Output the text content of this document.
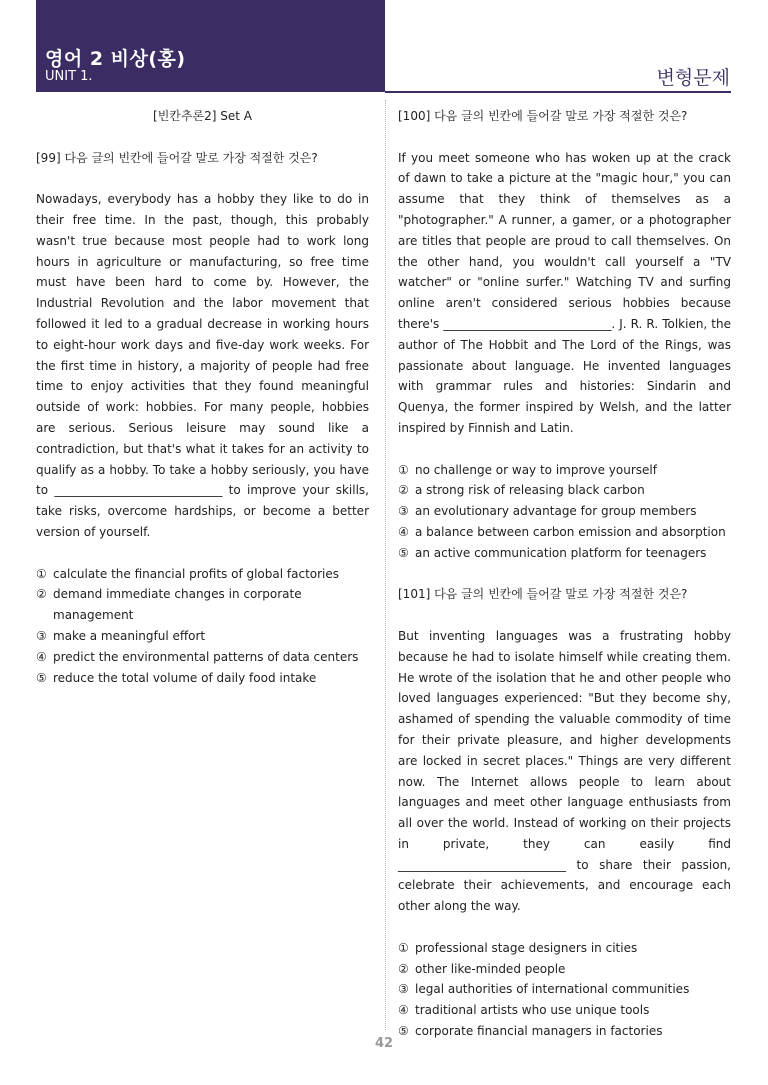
영어 2 비상(홍)
UNIT 1.	변형문제

[빈칸추론2] Set A

[99] 다음 글의 빈칸에 들어갈 말로 가장 적절한 것은?

Nowadays, everybody has a hobby they like to do in their free time. In the past, though, this probably wasn't true because most people had to work long hours in agriculture or manufacturing, so free time must have been hard to come by. However, the Industrial Revolution and the labor movement that followed it led to a gradual decrease in working hours to eight-hour work days and five-day work weeks. For the first time in history, a majority of people had free time to enjoy activities that they found meaningful outside of work: hobbies. For many people, hobbies are serious. Serious leisure may sound like a contradiction, but that's what it takes for an activity to qualify as a hobby. To take a hobby seriously, you have to ____________________________ to improve your skills, take risks, overcome hardships, or become a better version of yourself.

① calculate the financial profits of global factories
② demand immediate changes in corporate management
③ make a meaningful effort
④ predict the environmental patterns of data centers
⑤ reduce the total volume of daily food intake

[100] 다음 글의 빈칸에 들어갈 말로 가장 적절한 것은?

If you meet someone who has woken up at the crack of dawn to take a picture at the "magic hour," you can assume that they think of themselves as a "photographer." A runner, a gamer, or a photographer are titles that people are proud to call themselves. On the other hand, you wouldn't call yourself a "TV watcher" or "online surfer." Watching TV and surfing online aren't considered serious hobbies because there's ____________________________. J. R. R. Tolkien, the author of The Hobbit and The Lord of the Rings, was passionate about language. He invented languages with grammar rules and histories: Sindarin and Quenya, the former inspired by Welsh, and the latter inspired by Finnish and Latin.

① no challenge or way to improve yourself
② a strong risk of releasing black carbon
③ an evolutionary advantage for group members
④ a balance between carbon emission and absorption
⑤ an active communication platform for teenagers

[101] 다음 글의 빈칸에 들어갈 말로 가장 적절한 것은?

But inventing languages was a frustrating hobby because he had to isolate himself while creating them. He wrote of the isolation that he and other people who loved languages experienced: "But they become shy, ashamed of spending the valuable commodity of time for their private pleasure, and higher developments are locked in secret places." Things are very different now. The Internet allows people to learn about languages and meet other language enthusiasts from all over the world. Instead of working on their projects in private, they can easily find ____________________________ to share their passion, celebrate their achievements, and encourage each other along the way.

① professional stage designers in cities
② other like-minded people
③ legal authorities of international communities
④ traditional artists who use unique tools
⑤ corporate financial managers in factories
42
